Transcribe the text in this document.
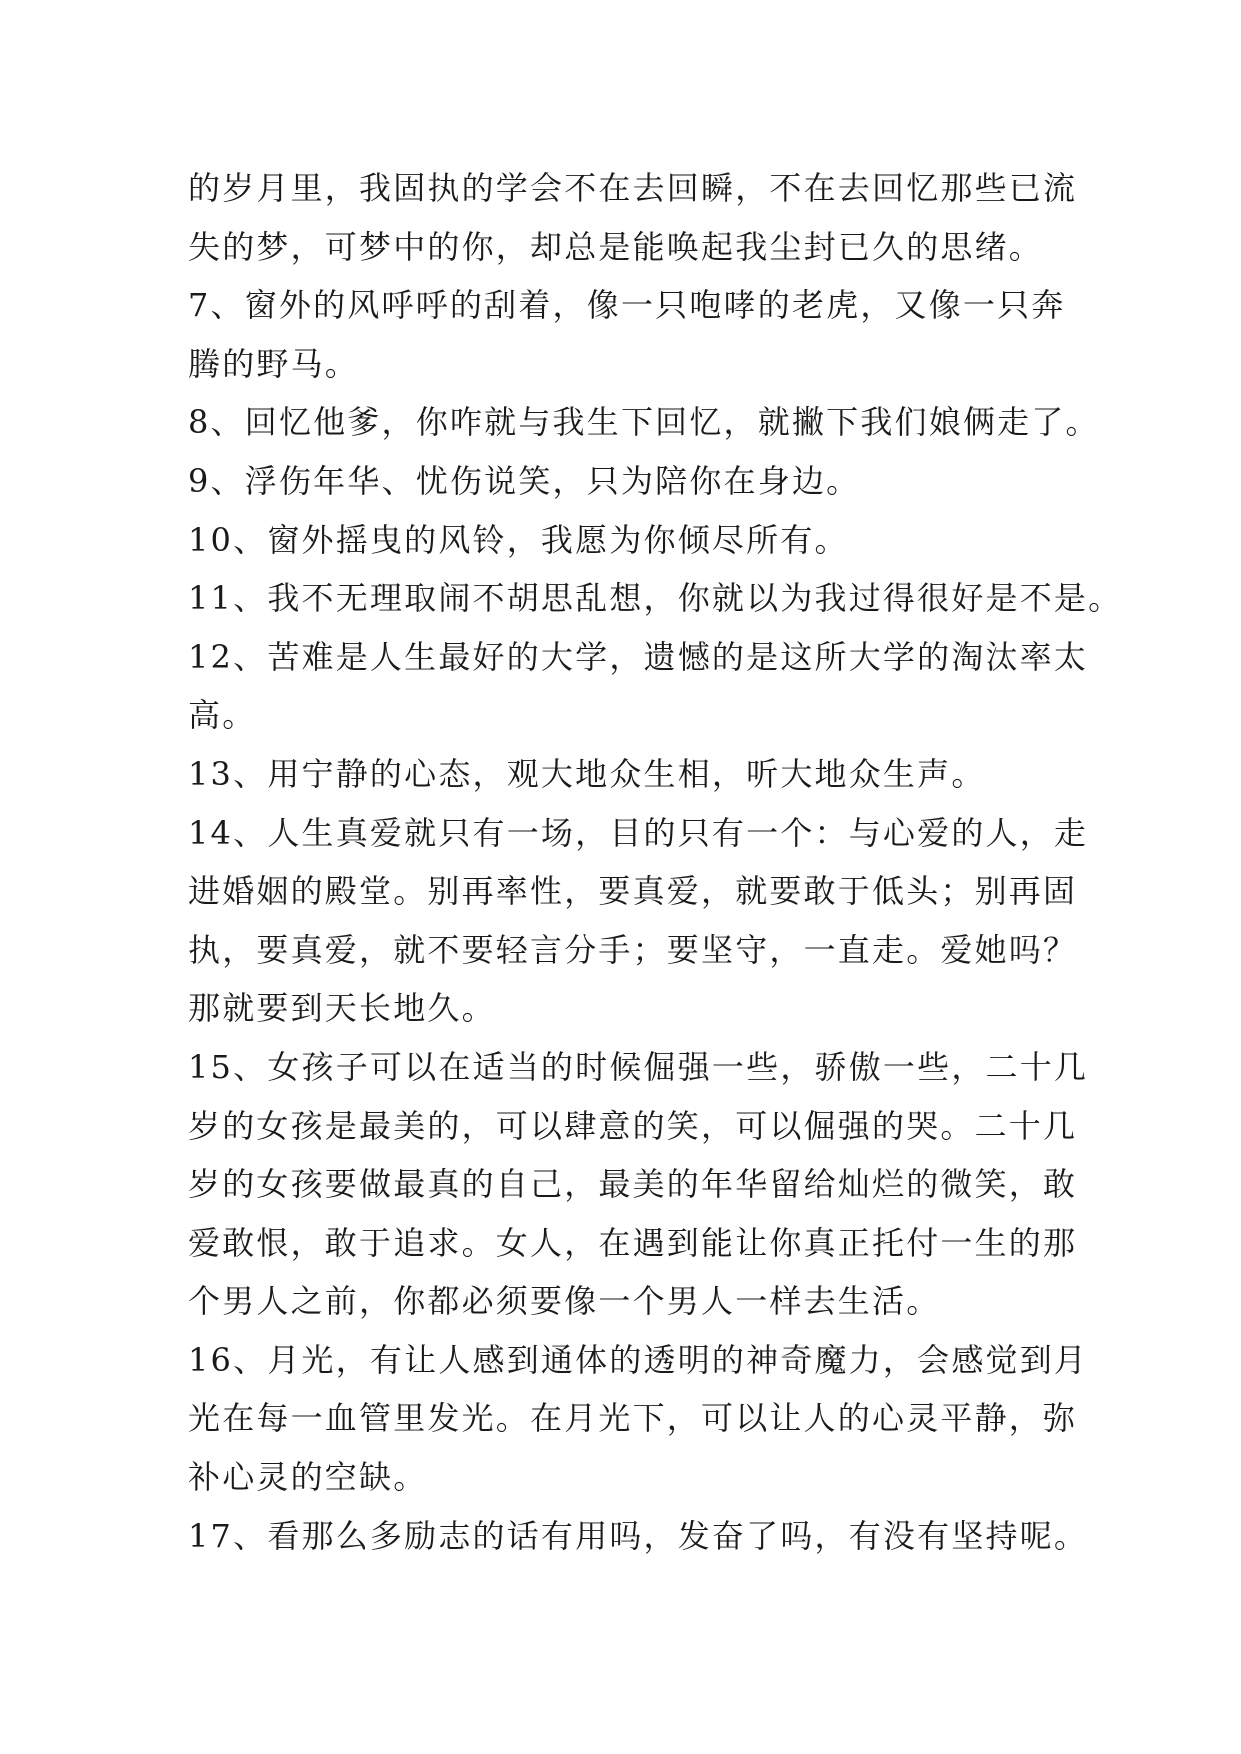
的岁月里，我固执的学会不在去回瞬，不在去回忆那些已流
失的梦，可梦中的你，却总是能唤起我尘封已久的思绪。
7、窗外的风呼呼的刮着，像一只咆哮的老虎，又像一只奔
腾的野马。
8、回忆他爹，你咋就与我生下回忆，就撇下我们娘俩走了。
9、浮伤年华、忧伤说笑，只为陪你在身边。
10、窗外摇曳的风铃，我愿为你倾尽所有。
11、我不无理取闹不胡思乱想，你就以为我过得很好是不是。
12、苦难是人生最好的大学，遗憾的是这所大学的淘汰率太
高。
13、用宁静的心态，观大地众生相，听大地众生声。
14、人生真爱就只有一场，目的只有一个：与心爱的人，走
进婚姻的殿堂。别再率性，要真爱，就要敢于低头；别再固
执，要真爱，就不要轻言分手；要坚守，一直走。爱她吗？
那就要到天长地久。
15、女孩子可以在适当的时候倔强一些，骄傲一些，二十几
岁的女孩是最美的，可以肆意的笑，可以倔强的哭。二十几
岁的女孩要做最真的自己，最美的年华留给灿烂的微笑，敢
爱敢恨，敢于追求。女人，在遇到能让你真正托付一生的那
个男人之前，你都必须要像一个男人一样去生活。
16、月光，有让人感到通体的透明的神奇魔力，会感觉到月
光在每一血管里发光。在月光下，可以让人的心灵平静，弥
补心灵的空缺。
17、看那么多励志的话有用吗，发奋了吗，有没有坚持呢。
